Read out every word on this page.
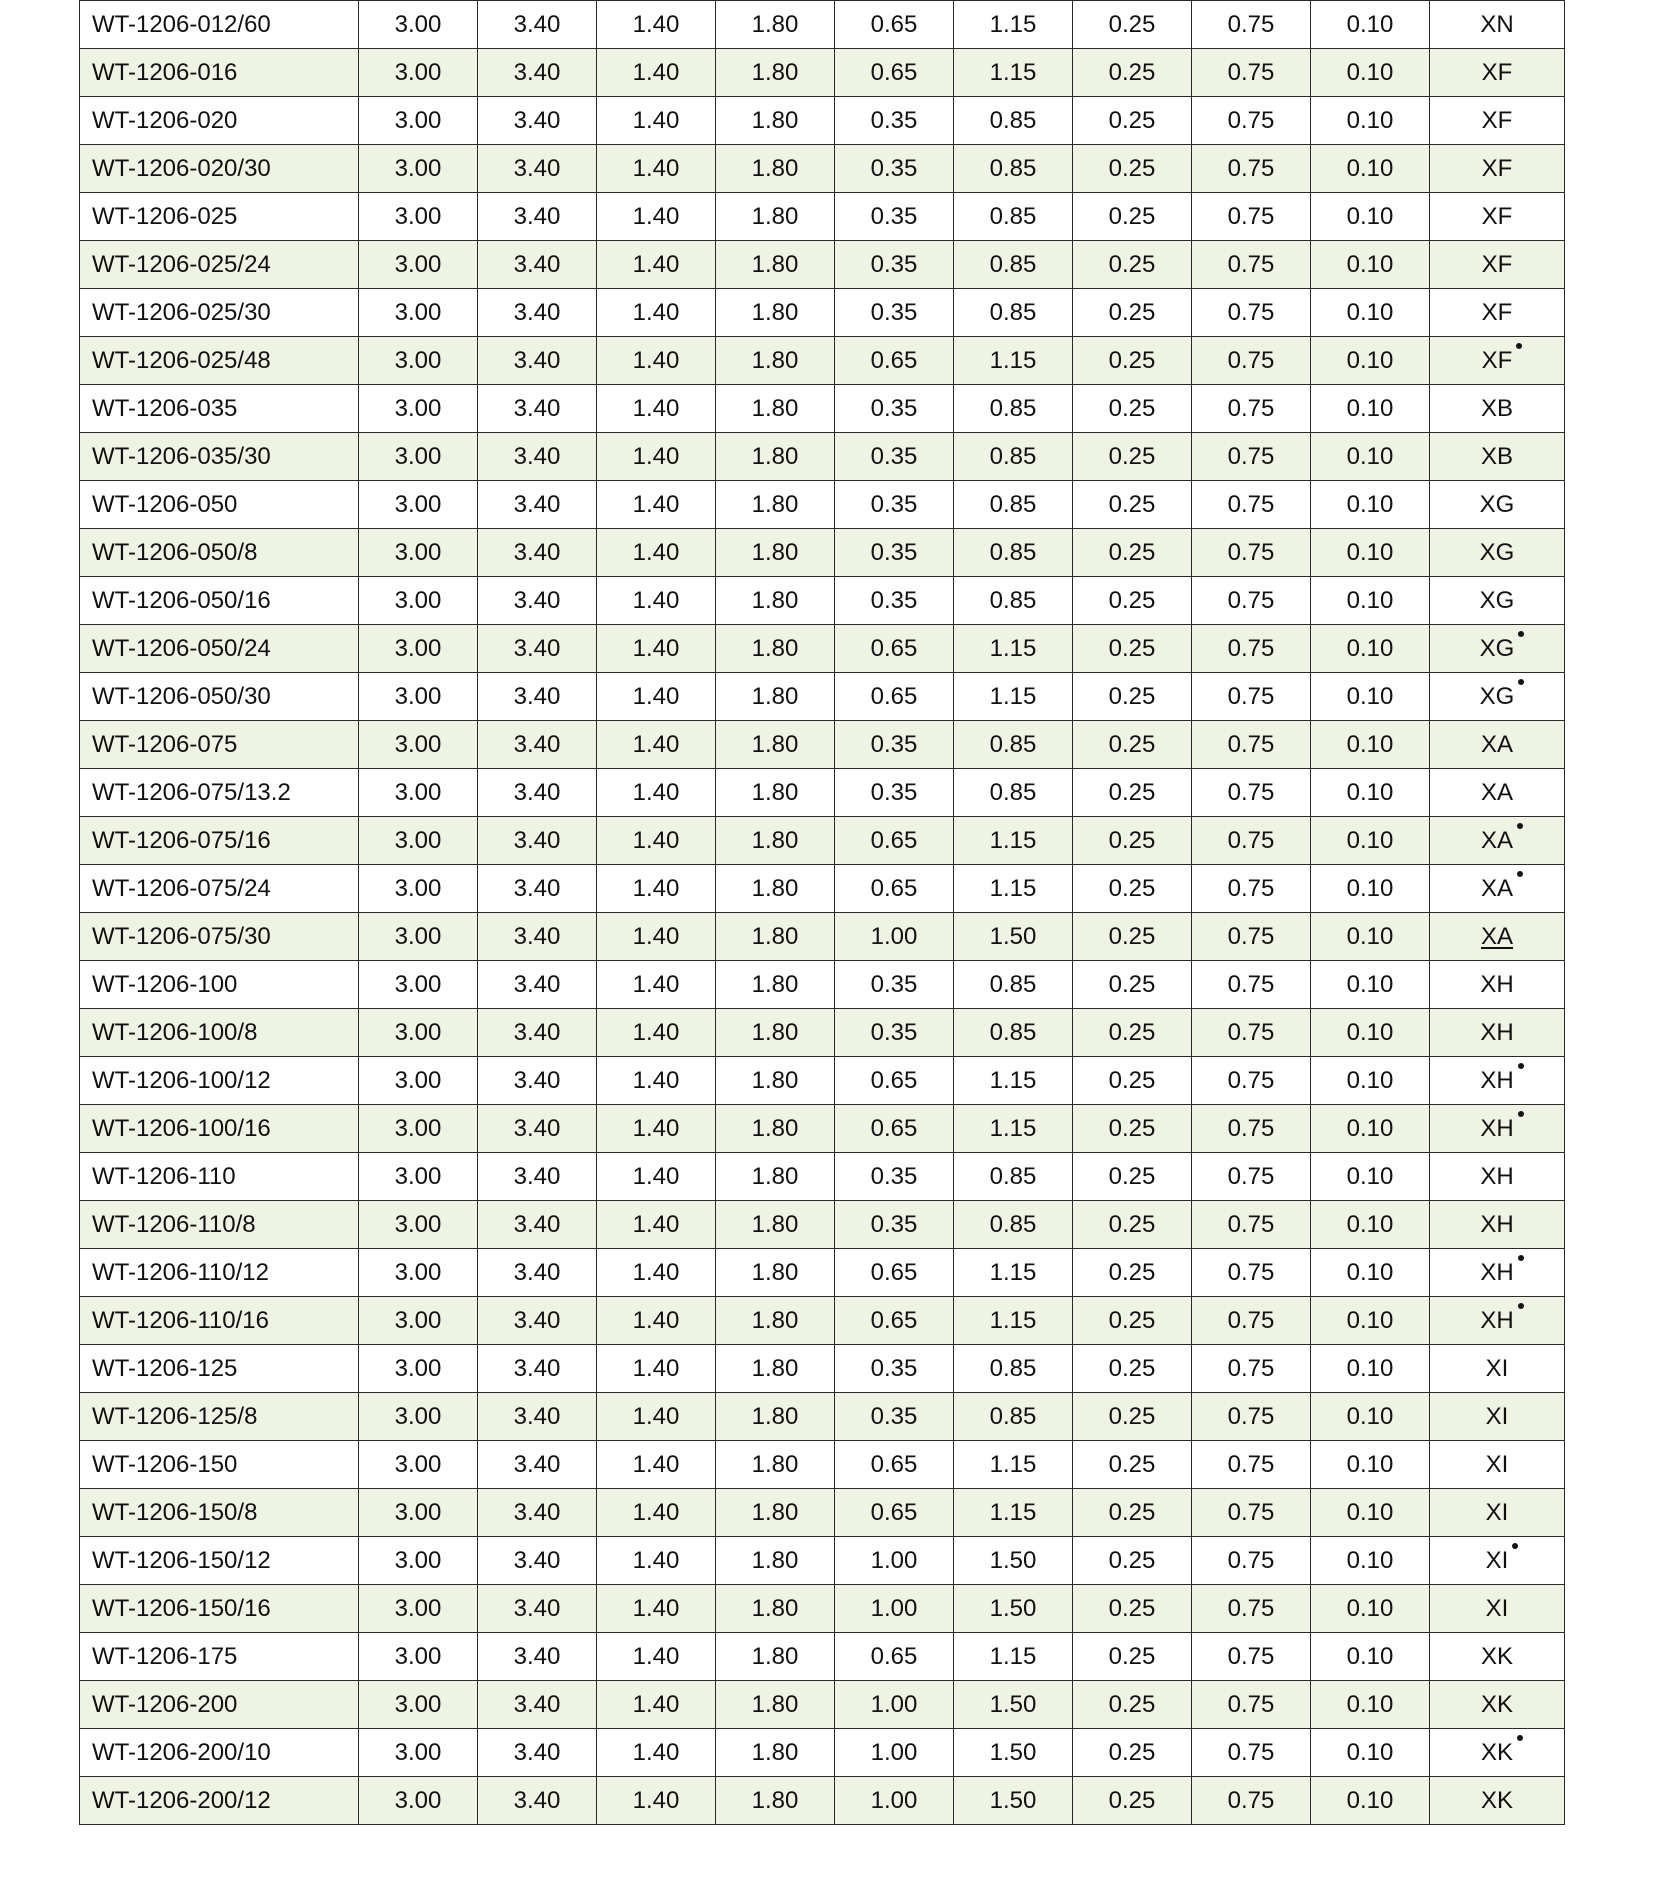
WT-1206-012/60	3.00	3.40	1.40	1.80	0.65	1.15	0.25	0.75	0.10	XN
WT-1206-016	3.00	3.40	1.40	1.80	0.65	1.15	0.25	0.75	0.10	XF
WT-1206-020	3.00	3.40	1.40	1.80	0.35	0.85	0.25	0.75	0.10	XF
WT-1206-020/30	3.00	3.40	1.40	1.80	0.35	0.85	0.25	0.75	0.10	XF
WT-1206-025	3.00	3.40	1.40	1.80	0.35	0.85	0.25	0.75	0.10	XF
WT-1206-025/24	3.00	3.40	1.40	1.80	0.35	0.85	0.25	0.75	0.10	XF
WT-1206-025/30	3.00	3.40	1.40	1.80	0.35	0.85	0.25	0.75	0.10	XF
WT-1206-025/48	3.00	3.40	1.40	1.80	0.65	1.15	0.25	0.75	0.10	XF

WT-1206-035	3.00	3.40	1.40	1.80	0.35	0.85	0.25	0.75	0.10	XB
WT-1206-035/30	3.00	3.40	1.40	1.80	0.35	0.85	0.25	0.75	0.10	XB
WT-1206-050	3.00	3.40	1.40	1.80	0.35	0.85	0.25	0.75	0.10	XG
WT-1206-050/8	3.00	3.40	1.40	1.80	0.35	0.85	0.25	0.75	0.10	XG
WT-1206-050/16	3.00	3.40	1.40	1.80	0.35	0.85	0.25	0.75	0.10	XG
WT-1206-050/24	3.00	3.40	1.40	1.80	0.65	1.15	0.25	0.75	0.10	XG

WT-1206-050/30	3.00	3.40	1.40	1.80	0.65	1.15	0.25	0.75	0.10	XG

WT-1206-075	3.00	3.40	1.40	1.80	0.35	0.85	0.25	0.75	0.10	XA
WT-1206-075/13.2	3.00	3.40	1.40	1.80	0.35	0.85	0.25	0.75	0.10	XA
WT-1206-075/16	3.00	3.40	1.40	1.80	0.65	1.15	0.25	0.75	0.10	XA

WT-1206-075/24	3.00	3.40	1.40	1.80	0.65	1.15	0.25	0.75	0.10	XA

WT-1206-075/30	3.00	3.40	1.40	1.80	1.00	1.50	0.25	0.75	0.10	XA
WT-1206-100	3.00	3.40	1.40	1.80	0.35	0.85	0.25	0.75	0.10	XH
WT-1206-100/8	3.00	3.40	1.40	1.80	0.35	0.85	0.25	0.75	0.10	XH
WT-1206-100/12	3.00	3.40	1.40	1.80	0.65	1.15	0.25	0.75	0.10	XH

WT-1206-100/16	3.00	3.40	1.40	1.80	0.65	1.15	0.25	0.75	0.10	XH

WT-1206-110	3.00	3.40	1.40	1.80	0.35	0.85	0.25	0.75	0.10	XH
WT-1206-110/8	3.00	3.40	1.40	1.80	0.35	0.85	0.25	0.75	0.10	XH
WT-1206-110/12	3.00	3.40	1.40	1.80	0.65	1.15	0.25	0.75	0.10	XH

WT-1206-110/16	3.00	3.40	1.40	1.80	0.65	1.15	0.25	0.75	0.10	XH

WT-1206-125	3.00	3.40	1.40	1.80	0.35	0.85	0.25	0.75	0.10	XI
WT-1206-125/8	3.00	3.40	1.40	1.80	0.35	0.85	0.25	0.75	0.10	XI
WT-1206-150	3.00	3.40	1.40	1.80	0.65	1.15	0.25	0.75	0.10	XI
WT-1206-150/8	3.00	3.40	1.40	1.80	0.65	1.15	0.25	0.75	0.10	XI
WT-1206-150/12	3.00	3.40	1.40	1.80	1.00	1.50	0.25	0.75	0.10	XI

WT-1206-150/16	3.00	3.40	1.40	1.80	1.00	1.50	0.25	0.75	0.10	XI
WT-1206-175	3.00	3.40	1.40	1.80	0.65	1.15	0.25	0.75	0.10	XK
WT-1206-200	3.00	3.40	1.40	1.80	1.00	1.50	0.25	0.75	0.10	XK
WT-1206-200/10	3.00	3.40	1.40	1.80	1.00	1.50	0.25	0.75	0.10	XK

WT-1206-200/12	3.00	3.40	1.40	1.80	1.00	1.50	0.25	0.75	0.10	XK
